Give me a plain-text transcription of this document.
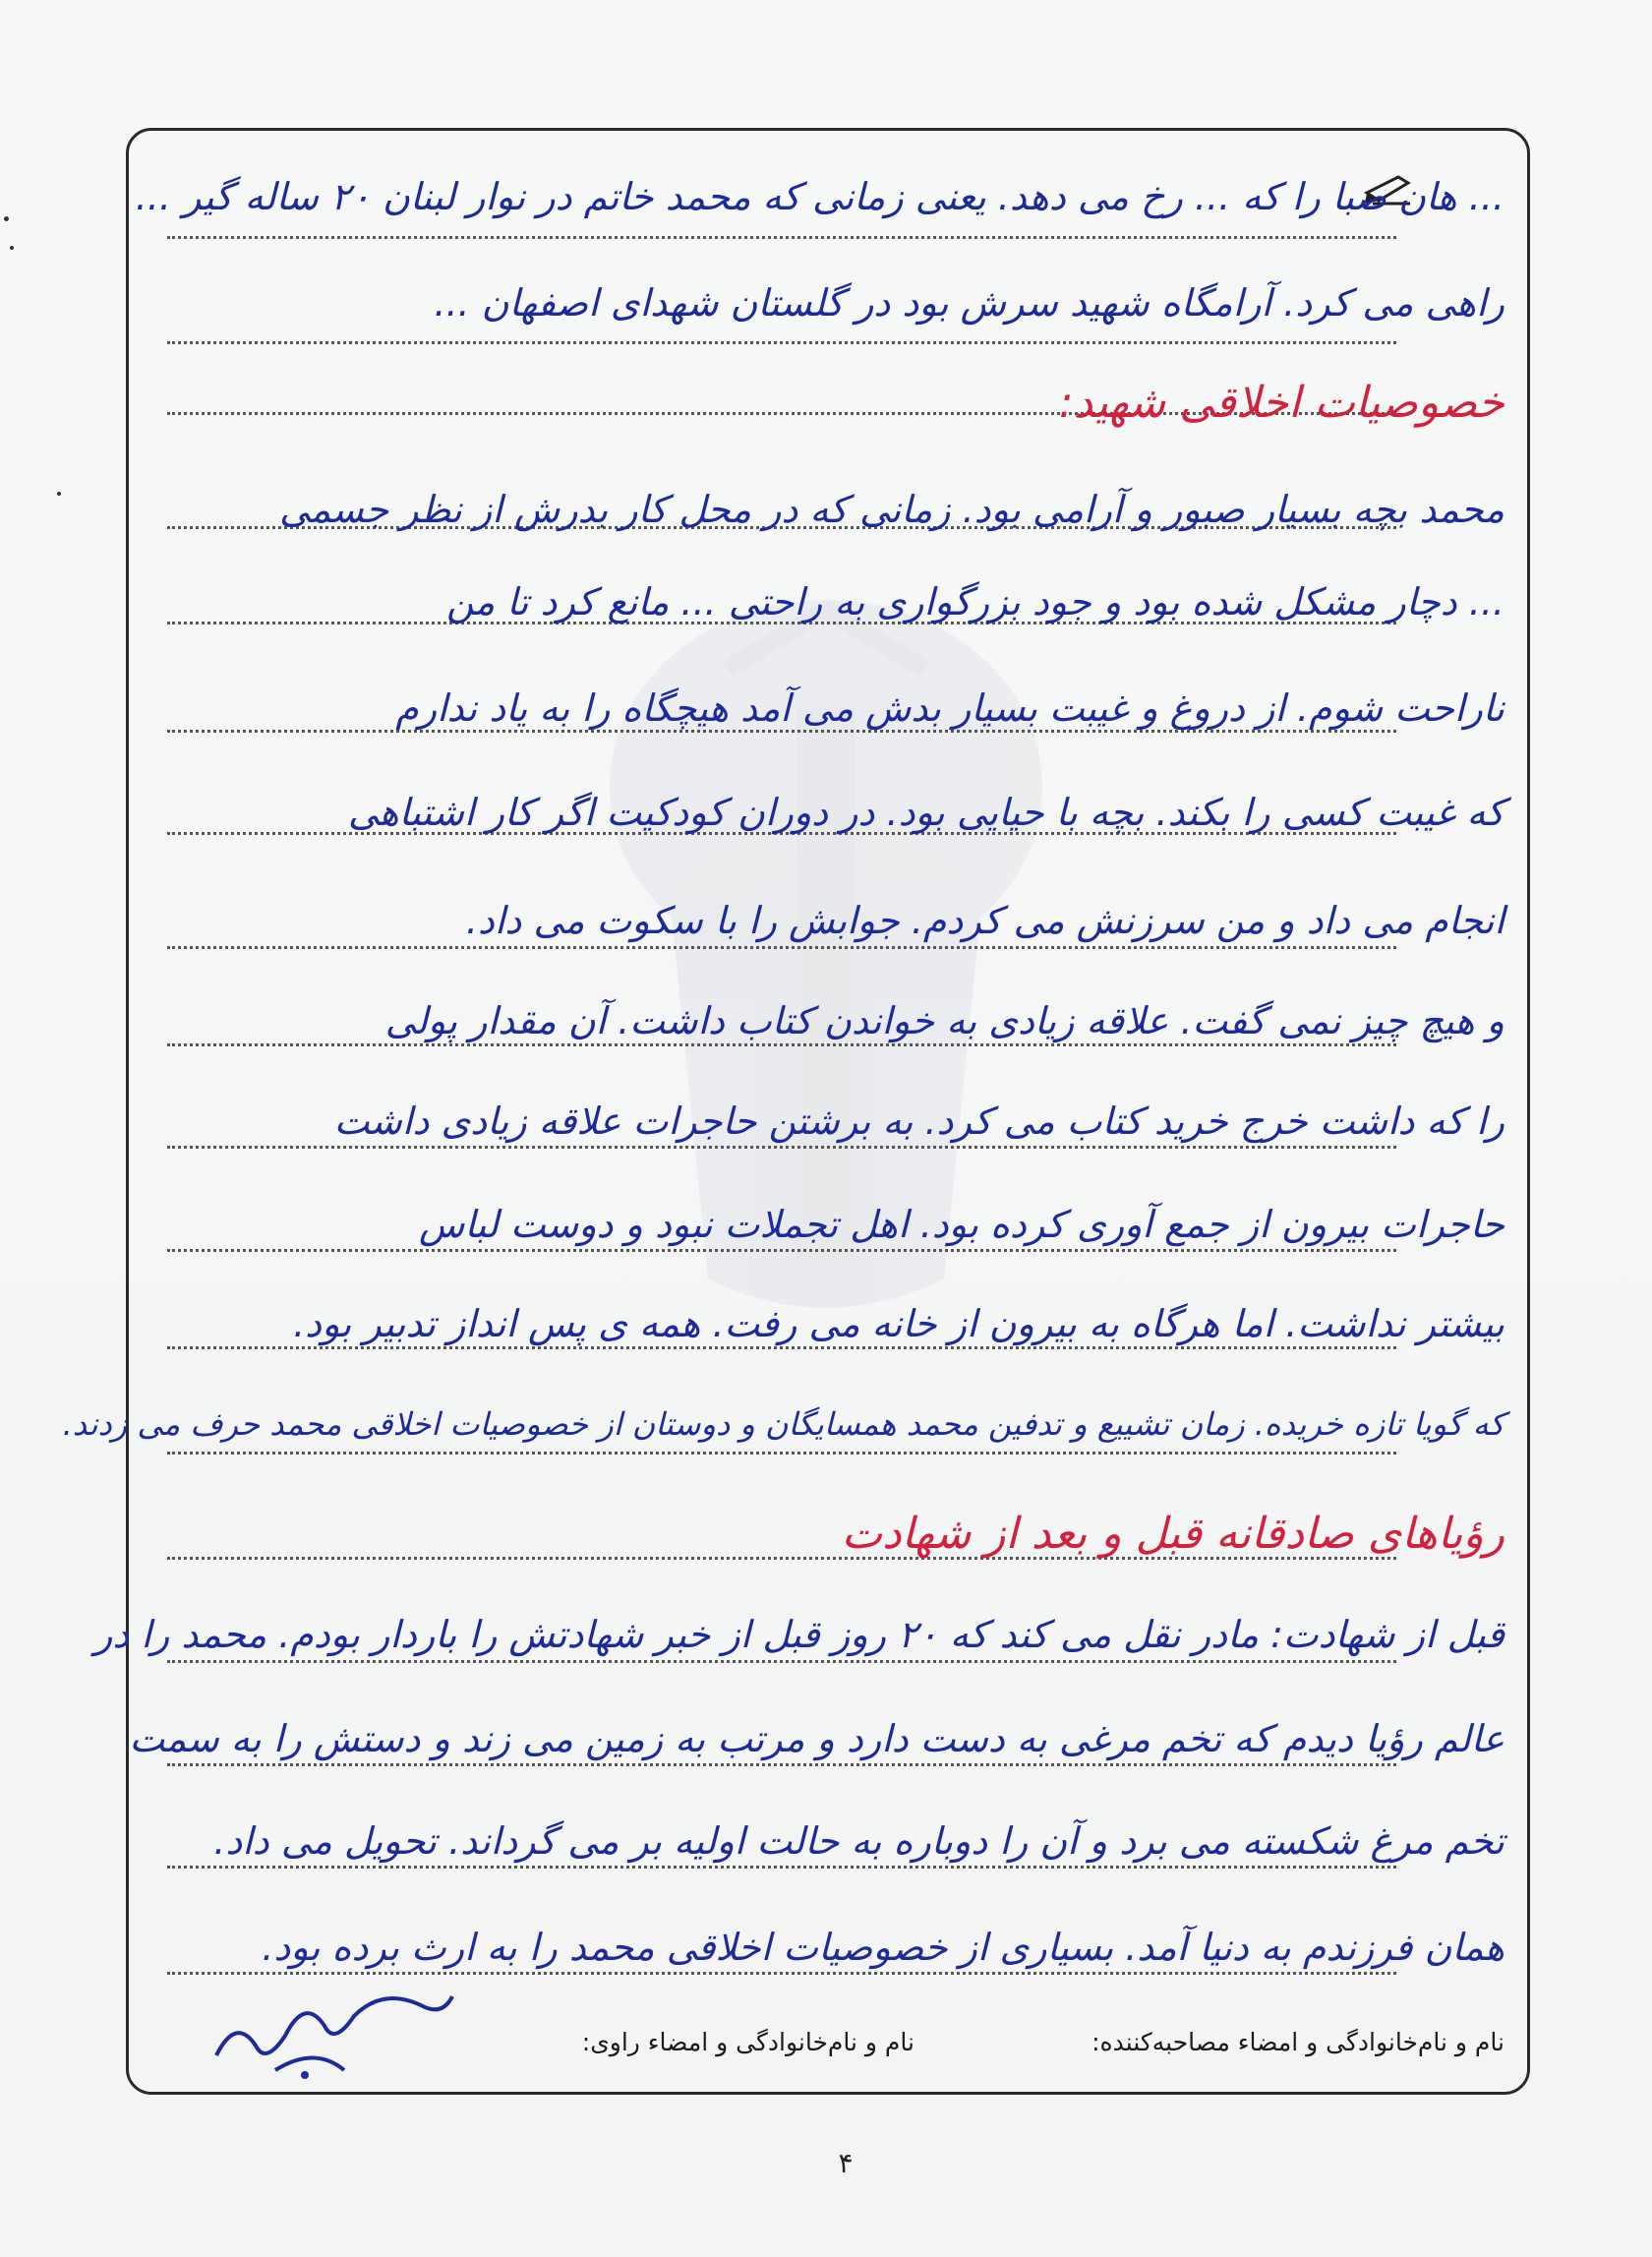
... هان صبا را که ... رخ می دهد. یعنی زمانی که محمد خاتم در نوار لبنان ۲۰ ساله گیر ...
راهی می کرد. آرامگاه شهید سرش بود در گلستان شهدای اصفهان ...
خصوصیات اخلاقی شهید:
محمد بچه بسیار صبور و آرامی بود. زمانی که در محل کار بدرش از نظر جسمی
... دچار مشکل شده بود و جود بزرگواری به راحتی ... مانع کرد تا من
ناراحت شوم. از دروغ و غیبت بسیار بدش می آمد هیچگاه را به یاد ندارم
که غیبت کسی را بکند. بچه با حیایی بود. در دوران کودکیت اگر کار اشتباهی
انجام می داد و من سرزنش می کردم. جوابش را با سکوت می داد.
و هیچ چیز نمی گفت. علاقه زیادی به خواندن کتاب داشت. آن مقدار پولی
را که داشت خرج خرید کتاب می کرد. به برشتن حاجرات علاقه زیادی داشت
حاجرات بیرون از جمع آوری کرده بود. اهل تجملات نبود و دوست لباس
بیشتر نداشت. اما هرگاه به بیرون از خانه می رفت. همه ی پس انداز تدبیر بود.
که گویا تازه خریده. زمان تشییع و تدفین محمد همسایگان و دوستان از خصوصیات اخلاقی محمد حرف می زدند.
رؤیاهای صادقانه قبل و بعد از شهادت
قبل از شهادت: مادر نقل می کند که ۲۰ روز قبل از خبر شهادتش را باردار بودم. محمد را در
عالم رؤیا دیدم که تخم مرغی به دست دارد و مرتب به زمین می زند و دستش را به سمت
تخم مرغ شکسته می برد و آن را دوباره به حالت اولیه بر می گرداند. تحویل می داد.
همان فرزندم به دنیا آمد. بسیاری از خصوصیات اخلاقی محمد را به ارث برده بود.
نام و نام‌خانوادگی و امضاء مصاحبه‌کننده:
نام و نام‌خانوادگی و امضاء راوی:
۴
